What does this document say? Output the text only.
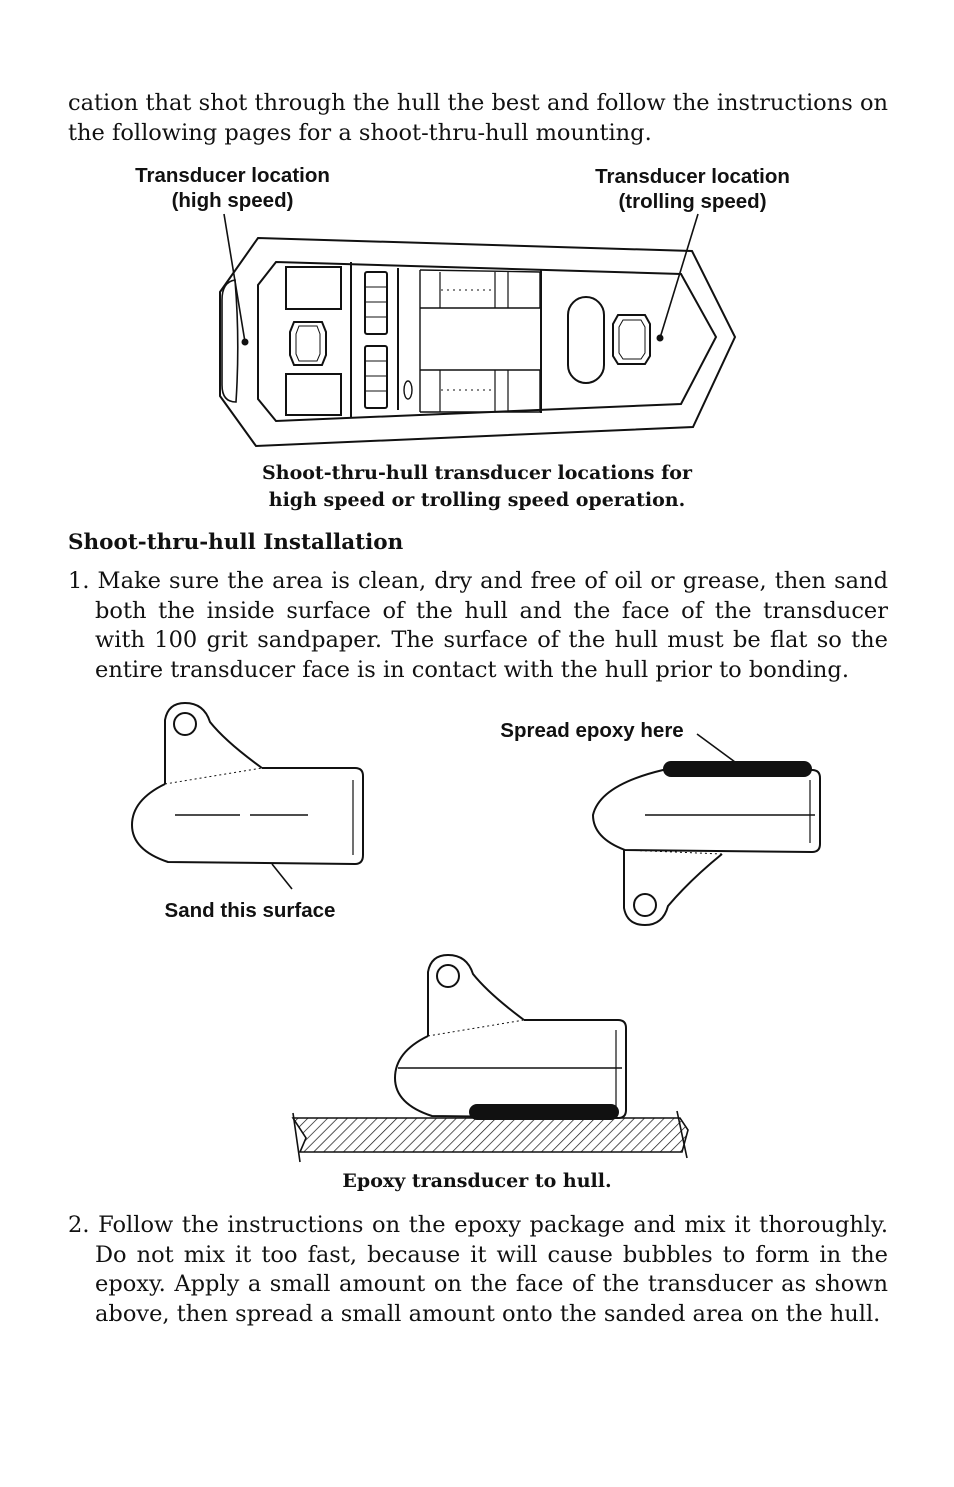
cation that shot through the hull the best and follow the instructions on the following pages for a shoot-thru-hull mounting.

Transducer location
(high speed)
Transducer location
(trolling speed)
Shoot-thru-hull transducer locations for
high speed or trolling speed operation.
Shoot-thru-hull Installation

1. Make sure the area is clean, dry and free of oil or grease, then sand both the inside surface of the hull and the face of the transducer with 100 grit sandpaper. The surface of the hull must be flat so the entire transducer face is in contact with the hull prior to bonding.

Spread epoxy here
Sand this surface
Epoxy transducer to hull.

2. Follow the instructions on the epoxy package and mix it thoroughly. Do not mix it too fast, because it will cause bubbles to form in the epoxy. Apply a small amount on the face of the transducer as shown above, then spread a small amount onto the sanded area on the hull.
